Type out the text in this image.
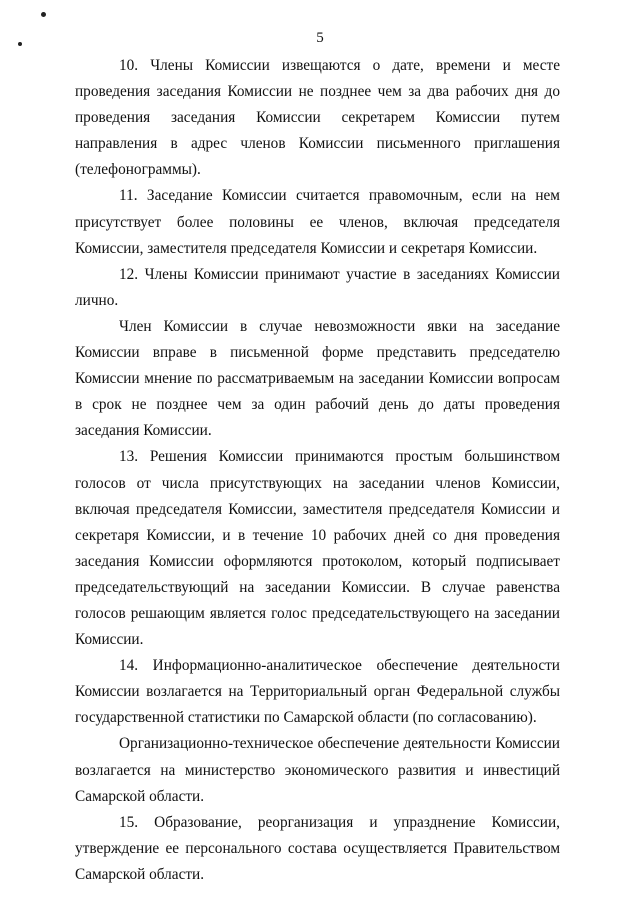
5

10. Члены Комиссии извещаются о дате, времени и месте проведения заседания Комиссии не позднее чем за два рабочих дня до проведения заседания Комиссии секретарем Комиссии путем направления в адрес членов Комиссии письменного приглашения (телефонограммы).

11. Заседание Комиссии считается правомочным, если на нем присутствует более половины ее членов, включая председателя Комиссии, заместителя председателя Комиссии и секретаря Комиссии.

12. Члены Комиссии принимают участие в заседаниях Комиссии лично.

Член Комиссии в случае невозможности явки на заседание Комиссии вправе в письменной форме представить председателю Комиссии мнение по рассматриваемым на заседании Комиссии вопросам в срок не позднее чем за один рабочий день до даты проведения заседания Комиссии.

13. Решения Комиссии принимаются простым большинством голосов от числа присутствующих на заседании членов Комиссии, включая председателя Комиссии, заместителя председателя Комиссии и секретаря Комиссии, и в течение 10 рабочих дней со дня проведения заседания Комиссии оформляются протоколом, который подписывает председательствующий на заседании Комиссии. В случае равенства голосов решающим является голос председательствующего на заседании Комиссии.

14. Информационно-аналитическое обеспечение деятельности Комиссии возлагается на Территориальный орган Федеральной службы государственной статистики по Самарской области (по согласованию).

Организационно-техническое обеспечение деятельности Комиссии возлагается на министерство экономического развития и инвестиций Самарской области.

15. Образование, реорганизация и упразднение Комиссии, утверждение ее персонального состава осуществляется Правительством Самарской области.
